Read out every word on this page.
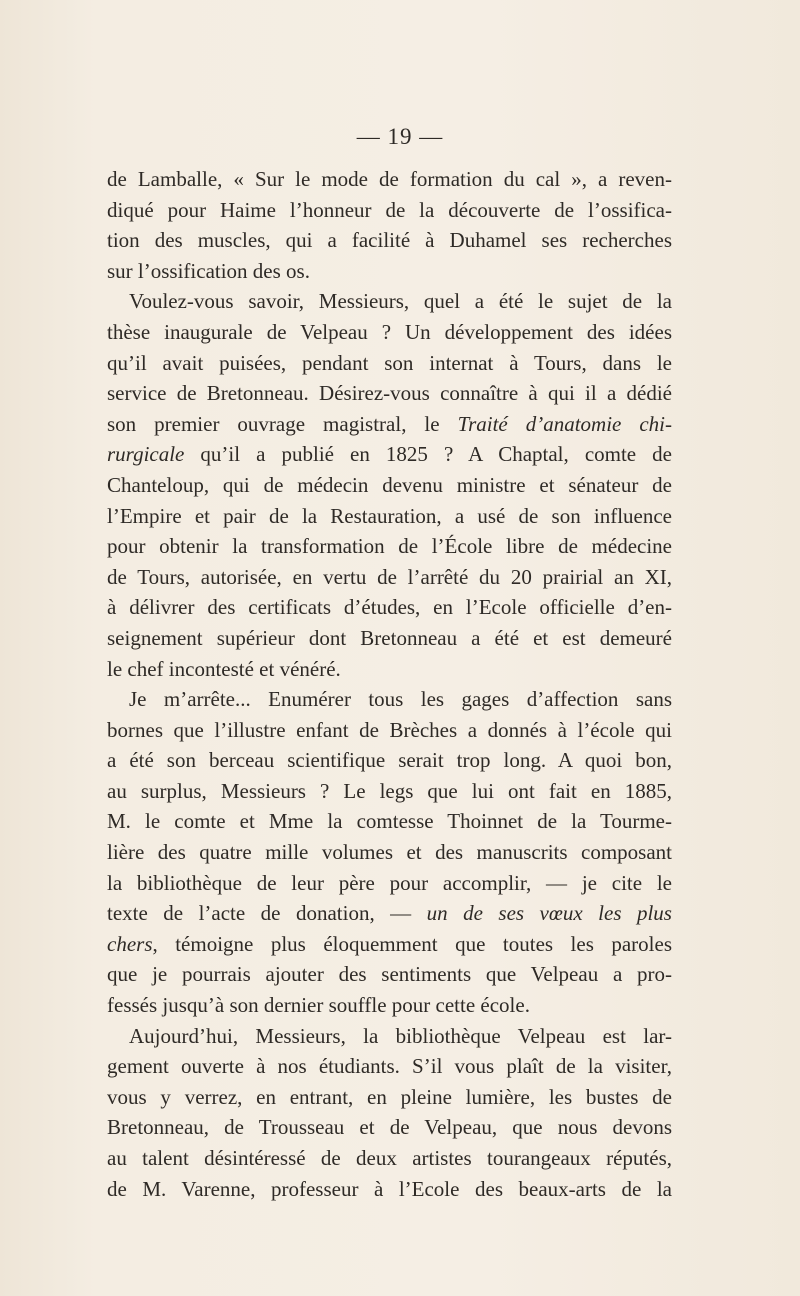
— 19 —
de Lamballe, « Sur le mode de formation du cal », a reven-
diqué pour Haime l’honneur de la découverte de l’ossifica-
tion des muscles, qui a facilité à Duhamel ses recherches
sur l’ossification des os.
Voulez-vous savoir, Messieurs, quel a été le sujet de la
thèse inaugurale de Velpeau ? Un développement des idées
qu’il avait puisées, pendant son internat à Tours, dans le
service de Bretonneau. Désirez-vous connaître à qui il a dédié
son premier ouvrage magistral, le Traité d’anatomie chi-
rurgicale qu’il a publié en 1825 ? A Chaptal, comte de
Chanteloup, qui de médecin devenu ministre et sénateur de
l’Empire et pair de la Restauration, a usé de son influence
pour obtenir la transformation de l’École libre de médecine
de Tours, autorisée, en vertu de l’arrêté du 20 prairial an XI,
à délivrer des certificats d’études, en l’Ecole officielle d’en-
seignement supérieur dont Bretonneau a été et est demeuré
le chef incontesté et vénéré.
Je m’arrête... Enumérer tous les gages d’affection sans
bornes que l’illustre enfant de Brèches a donnés à l’école qui
a été son berceau scientifique serait trop long. A quoi bon,
au surplus, Messieurs ? Le legs que lui ont fait en 1885,
M. le comte et Mme la comtesse Thoinnet de la Tourme-
lière des quatre mille volumes et des manuscrits composant
la bibliothèque de leur père pour accomplir, — je cite le
texte de l’acte de donation, — un de ses vœux les plus
chers, témoigne plus éloquemment que toutes les paroles
que je pourrais ajouter des sentiments que Velpeau a pro-
fessés jusqu’à son dernier souffle pour cette école.
Aujourd’hui, Messieurs, la bibliothèque Velpeau est lar-
gement ouverte à nos étudiants. S’il vous plaît de la visiter,
vous y verrez, en entrant, en pleine lumière, les bustes de
Bretonneau, de Trousseau et de Velpeau, que nous devons
au talent désintéressé de deux artistes tourangeaux réputés,
de M. Varenne, professeur à l’Ecole des beaux-arts de la
